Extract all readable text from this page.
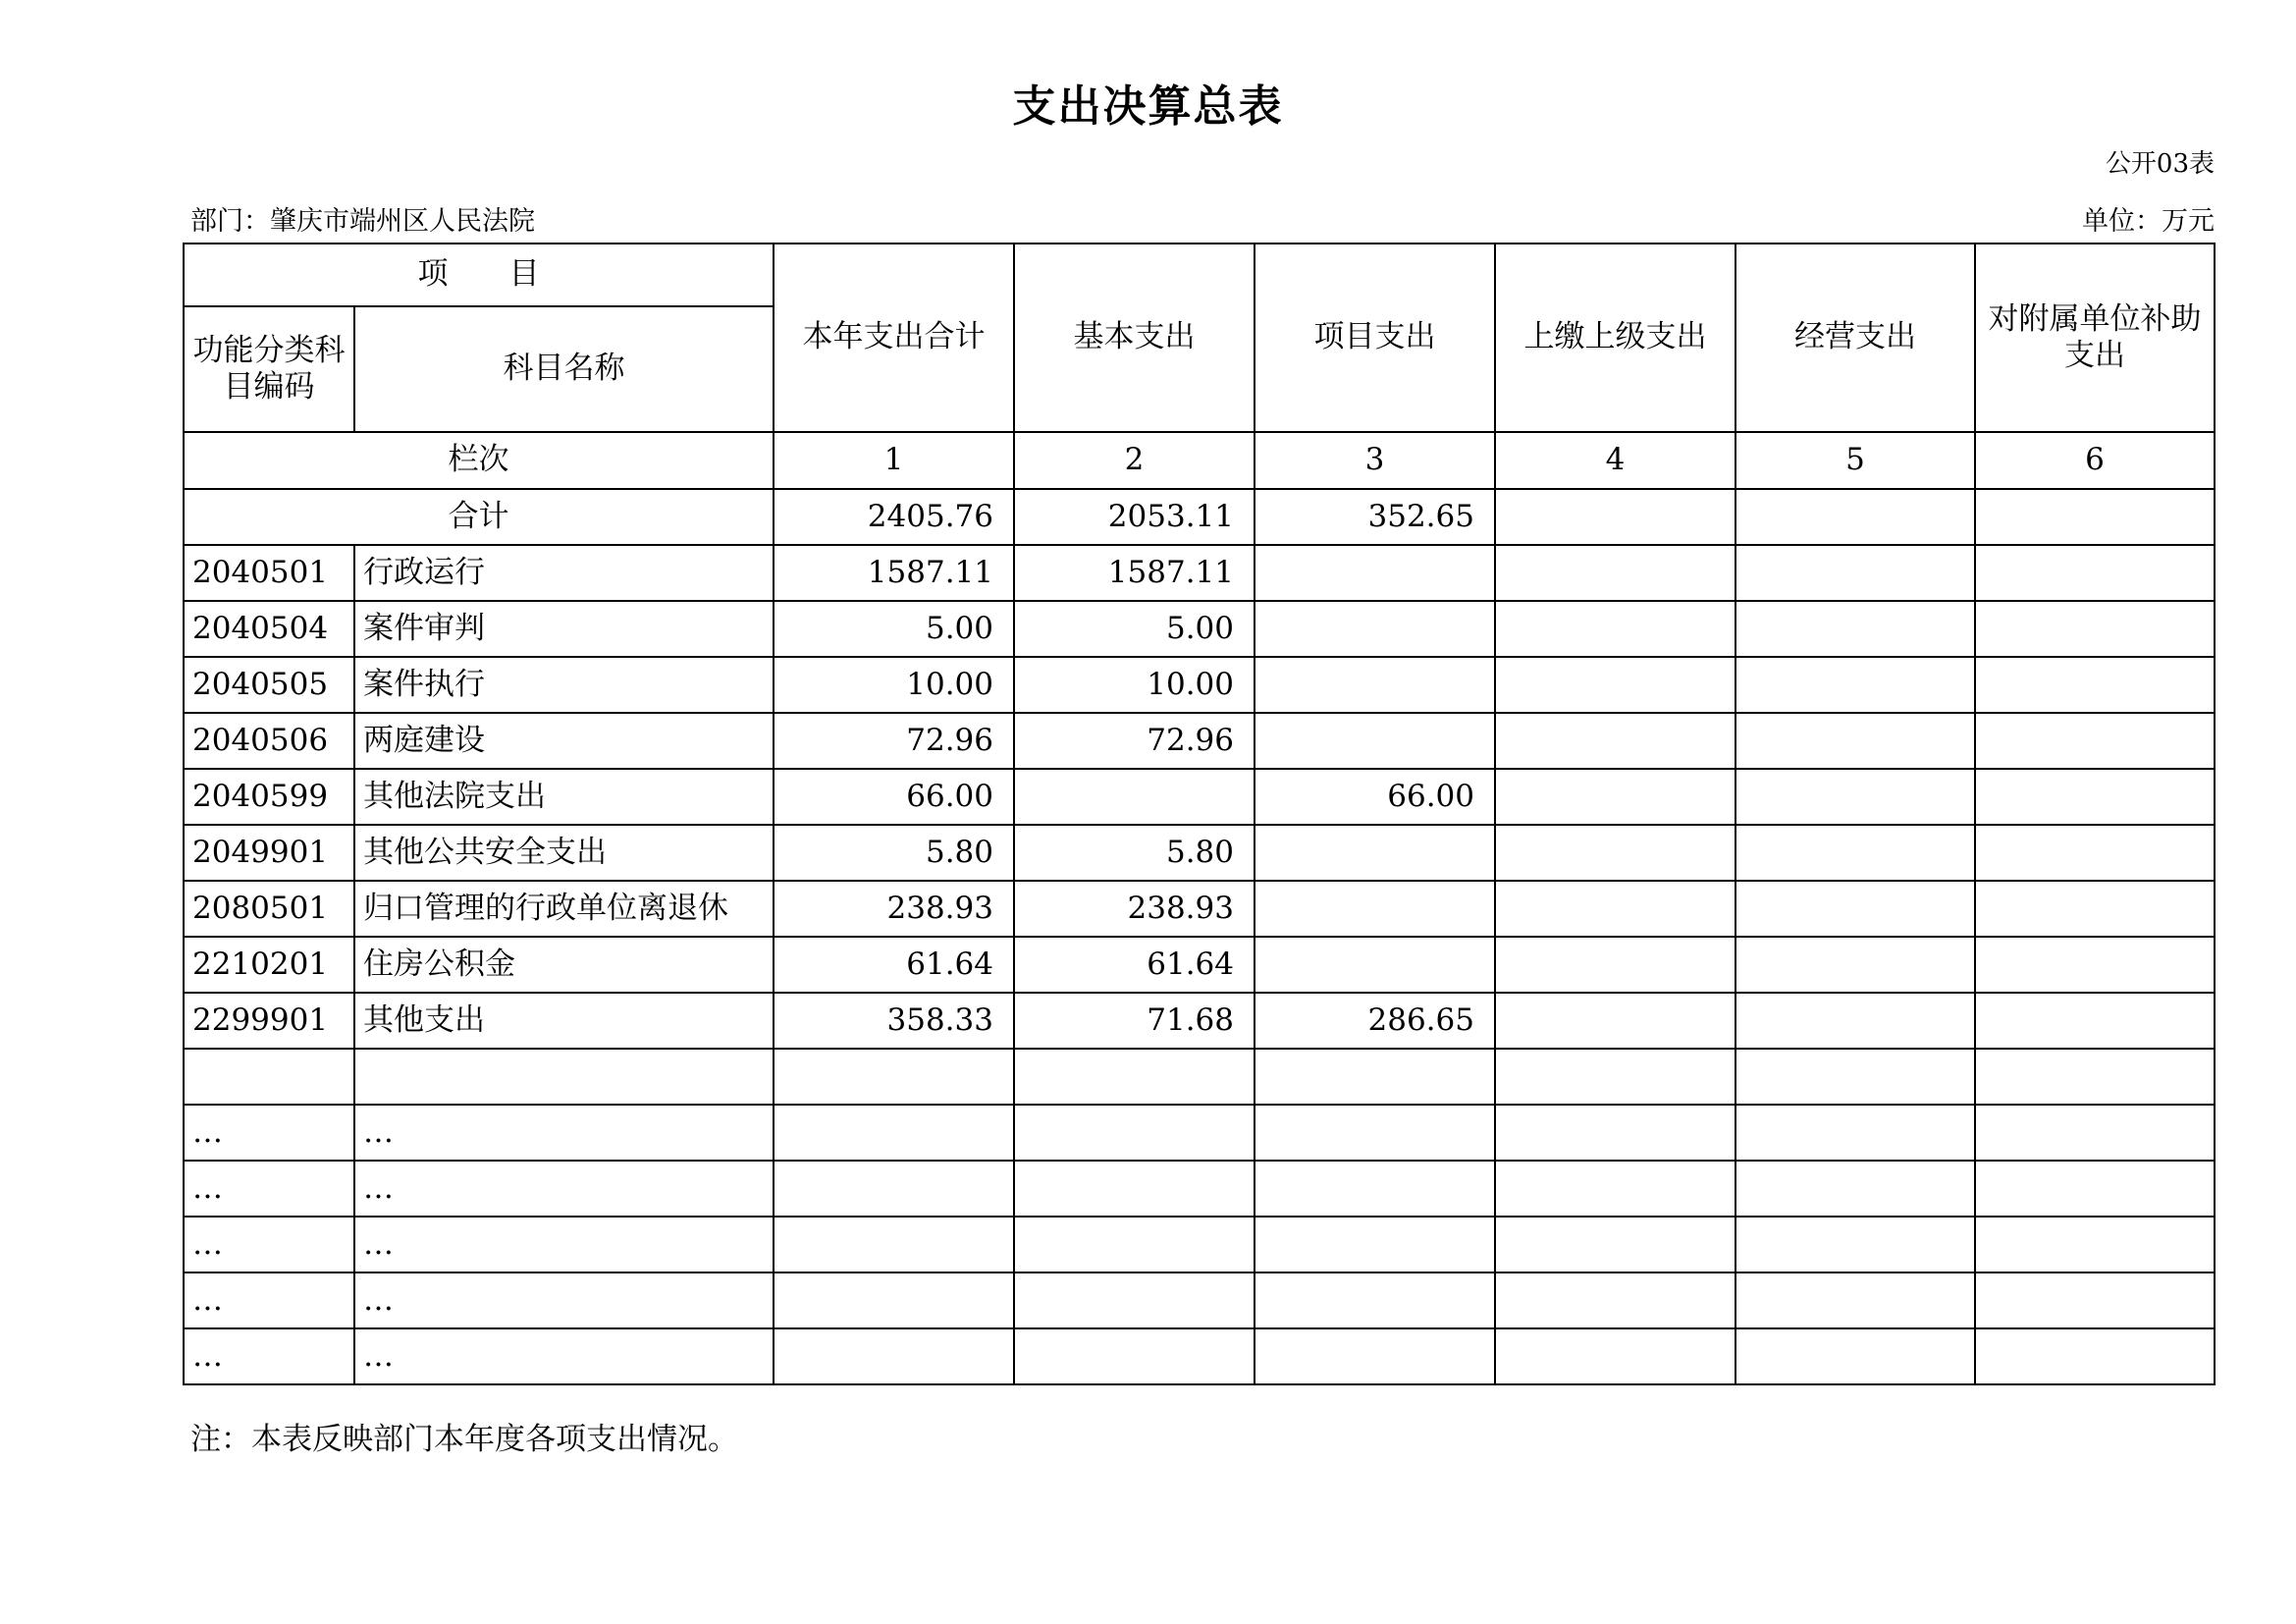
支出决算总表
公开03表
部门：肇庆市端州区人民法院	单位：万元
项　　目		本年支出合计	基本支出	项目支出	上缴上级支出	经营支出	对附属单位补助支出
功能分类科目编码	科目名称						
栏次		1	2	3	4	5	6
合计		2405.76	2053.11	352.65			
2040501	行政运行	1587.11	1587.11				
2040504	案件审判	5.00	5.00				
2040505	案件执行	10.00	10.00				
2040506	两庭建设	72.96	72.96				
2040599	其他法院支出	66.00		66.00			
2049901	其他公共安全支出	5.80	5.80				
2080501	归口管理的行政单位离退休	238.93	238.93				
2210201	住房公积金	61.64	61.64				
2299901	其他支出	358.33	71.68	286.65			

…	…						
…	…						
…	…						
…	…						
…	…						
注：本表反映部门本年度各项支出情况。
